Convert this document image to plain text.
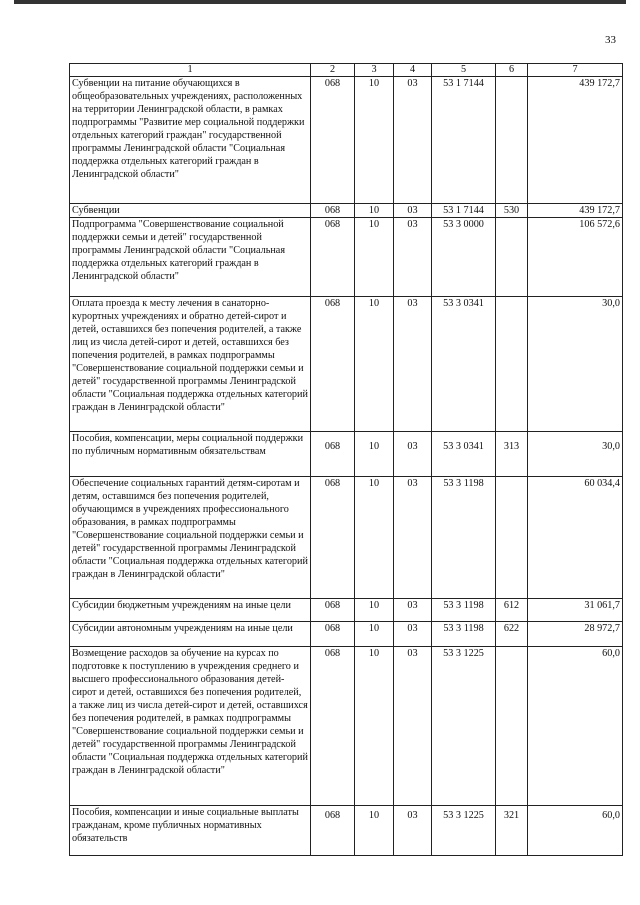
33
1	2	3	4	5	6	7
Субвенции на питание обучающихся в общеобразовательных учреждениях, расположенных на территории Ленинградской области, в рамках подпрограммы "Развитие мер социальной поддержки отдельных категорий граждан" государственной программы Ленинградской области "Социальная поддержка отдельных категорий граждан в Ленинградской области"	068	10	03	53 1 7144		439 172,7
Субвенции	068	10	03	53 1 7144	530	439 172,7
Подпрограмма "Совершенствование социальной поддержки семьи и детей" государственной программы Ленинградской области "Социальная поддержка отдельных категорий граждан в Ленинградской области"	068	10	03	53 3 0000		106 572,6
Оплата проезда к месту лечения в санаторно-курортных учреждениях и обратно детей-сирот и детей, оставшихся без попечения родителей, а также лиц из числа детей-сирот и детей, оставшихся без попечения родителей, в рамках подпрограммы "Совершенствование социальной поддержки семьи и детей" государственной программы Ленинградской области "Социальная поддержка отдельных категорий граждан в Ленинградской области"	068	10	03	53 3 0341		30,0
Пособия, компенсации, меры социальной поддержки по публичным нормативным обязательствам	068	10	03	53 3 0341	313	30,0
Обеспечение социальных гарантий детям-сиротам и детям, оставшимся без попечения родителей, обучающимся в учреждениях профессионального образования, в рамках подпрограммы "Совершенствование социальной поддержки семьи и детей" государственной программы Ленинградской области "Социальная поддержка отдельных категорий граждан в Ленинградской области"	068	10	03	53 3 1198		60 034,4
Субсидии бюджетным учреждениям на иные цели	068	10	03	53 3 1198	612	31 061,7
Субсидии автономным учреждениям на иные цели	068	10	03	53 3 1198	622	28 972,7
Возмещение расходов за обучение на курсах по подготовке к поступлению в учреждения среднего и высшего профессионального образования детей-сирот и детей, оставшихся без попечения родителей, а также лиц из числа детей-сирот и детей, оставшихся без попечения родителей, в рамках подпрограммы "Совершенствование социальной поддержки семьи и детей" государственной программы Ленинградской области "Социальная поддержка отдельных категорий граждан в Ленинградской области"	068	10	03	53 3 1225		60,0
Пособия, компенсации и иные социальные выплаты гражданам, кроме публичных нормативных обязательств	068	10	03	53 3 1225	321	60,0
